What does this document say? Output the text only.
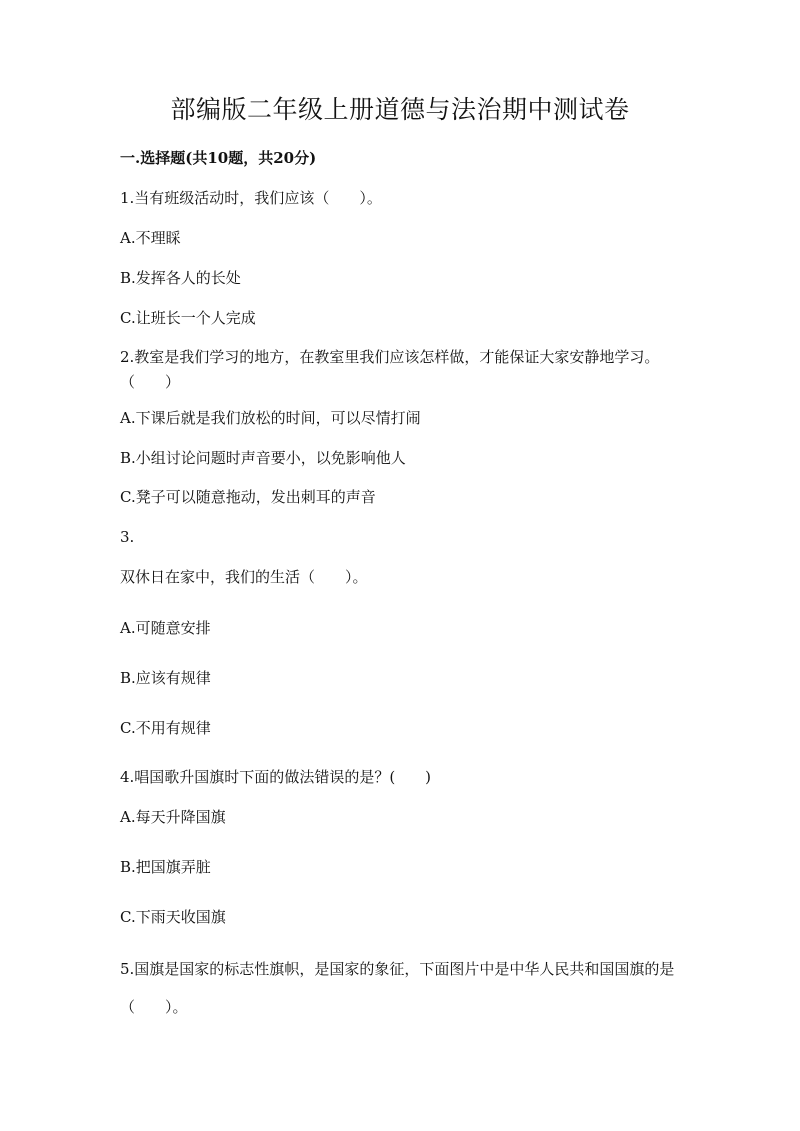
部编版二年级上册道德与法治期中测试卷
一.选择题(共10题，共20分)
1.当有班级活动时，我们应该（　　）。
A.不理睬
B.发挥各人的长处
C.让班长一个人完成
2.教室是我们学习的地方，在教室里我们应该怎样做，才能保证大家安静地学习。（　　）
A.下课后就是我们放松的时间，可以尽情打闹
B.小组讨论问题时声音要小，以免影响他人
C.凳子可以随意拖动，发出刺耳的声音
3.
双休日在家中，我们的生活（　　）。
A.可随意安排
B.应该有规律
C.不用有规律
4.唱国歌升国旗时下面的做法错误的是？(　　)
A.每天升降国旗
B.把国旗弄脏
C.下雨天收国旗
5.国旗是国家的标志性旗帜，是国家的象征，下面图片中是中华人民共和国国旗的是（　　）。
